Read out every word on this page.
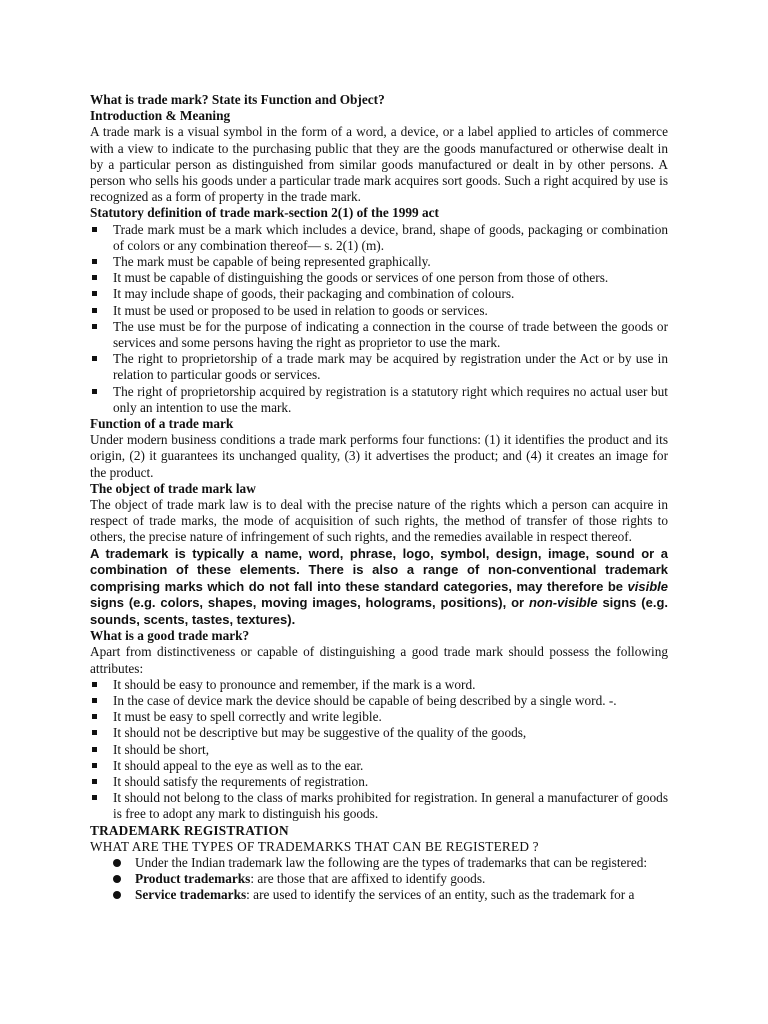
What is trade mark? State its Function and Object?

Introduction & Meaning

A trade mark is a visual symbol in the form of a word, a device, or a label applied to articles of commerce with a view to indicate to the purchasing public that they are the goods manufactured or otherwise dealt in by a particular person as distinguished from similar goods manufactured or dealt in by other persons. A person who sells his goods under a particular trade mark acquires sort goods. Such a right acquired by use is recognized as a form of property in the trade mark.

Statutory definition of trade mark-section 2(1) of the 1999 act

Trade mark must be a mark which includes a device, brand, shape of goods, packaging or combination of colors or any combination thereof— s. 2(1) (m).
The mark must be capable of being represented graphically.
It must be capable of distinguishing the goods or services of one person from those of others.
It may include shape of goods, their packaging and combination of colours.
It must be used or proposed to be used in relation to goods or services.
The use must be for the purpose of indicating a connection in the course of trade between the goods or services and some persons having the right as proprietor to use the mark.
The right to proprietorship of a trade mark may be acquired by registration under the Act or by use in relation to particular goods or services.
The right of proprietorship acquired by registration is a statutory right which requires no actual user but only an intention to use the mark.

Function of a trade mark

Under modern business conditions a trade mark performs four functions: (1) it identifies the product and its origin, (2) it guarantees its unchanged quality, (3) it advertises the product; and (4) it creates an image for the product.

The object of trade mark law

The object of trade mark law is to deal with the precise nature of the rights which a person can acquire in respect of trade marks, the mode of acquisition of such rights, the method of transfer of those rights to others, the precise nature of infringement of such rights, and the remedies available in respect thereof.

A trademark is typically a name, word, phrase, logo, symbol, design, image, sound or a combination of these elements. There is also a range of non-conventional trademark comprising marks which do not fall into these standard categories, may therefore be visible signs (e.g. colors, shapes, moving images, holograms, positions), or non-visible signs (e.g. sounds, scents, tastes, textures).

What is a good trade mark?

Apart from distinctiveness or capable of distinguishing a good trade mark should possess the following attributes:

It should be easy to pronounce and remember, if the mark is a word.
In the case of device mark the device should be capable of being described by a single word. -.
It must be easy to spell correctly and write legible.
It should not be descriptive but may be suggestive of the quality of the goods,
It should be short,
It should appeal to the eye as well as to the ear.
It should satisfy the requrements of registration.
It should not belong to the class of marks prohibited for registration. In general a manufacturer of goods is free to adopt any mark to distinguish his goods.

TRADEMARK REGISTRATION

WHAT ARE THE TYPES OF TRADEMARKS THAT CAN BE REGISTERED ?

Under the Indian trademark law the following are the types of trademarks that can be registered:
Product trademarks: are those that are affixed to identify goods.
Service trademarks: are used to identify the services of an entity, such as the trademark for a
